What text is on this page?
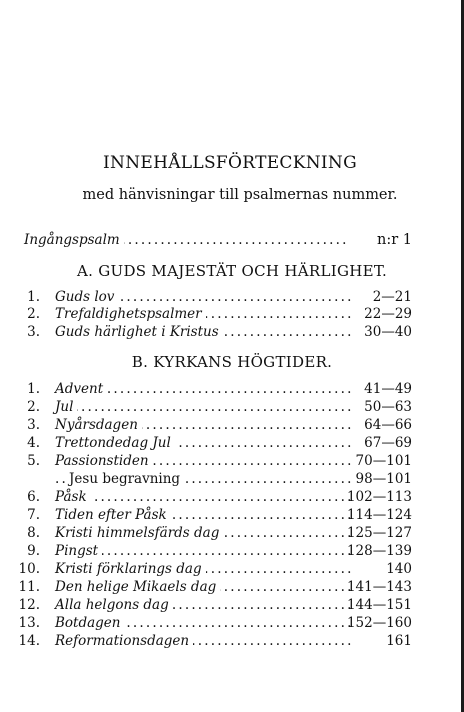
INNEHÅLLSFÖRTECKNING
med hänvisningar till psalmernas nummer.
Ingångspsalm .....	n:r 1
A. GUDS MAJESTÄT OCH HÄRLIGHET.
1. Guds lov .....	2—21
2. Trefaldighetspsalmer .....	22—29
3. Guds härlighet i Kristus .....	30—40
B. KYRKANS HÖGTIDER.
1. Advent .....	41—49
2. Jul .....	50—63
3. Nyårsdagen .....	64—66
4. Trettondedag Jul .....	67—69
5. Passionstiden .....	70—101
Jesu begravning .....	98—101
6. Påsk .....	102—113
7. Tiden efter Påsk .....	114—124
8. Kristi himmelsfärds dag .....	125—127
9. Pingst .....	128—139
10. Kristi förklarings dag .....	140
11. Den helige Mikaels dag .....	141—143
12. Alla helgons dag .....	144—151
13. Botdagen .....	152—160
14. Reformationsdagen .....	161
